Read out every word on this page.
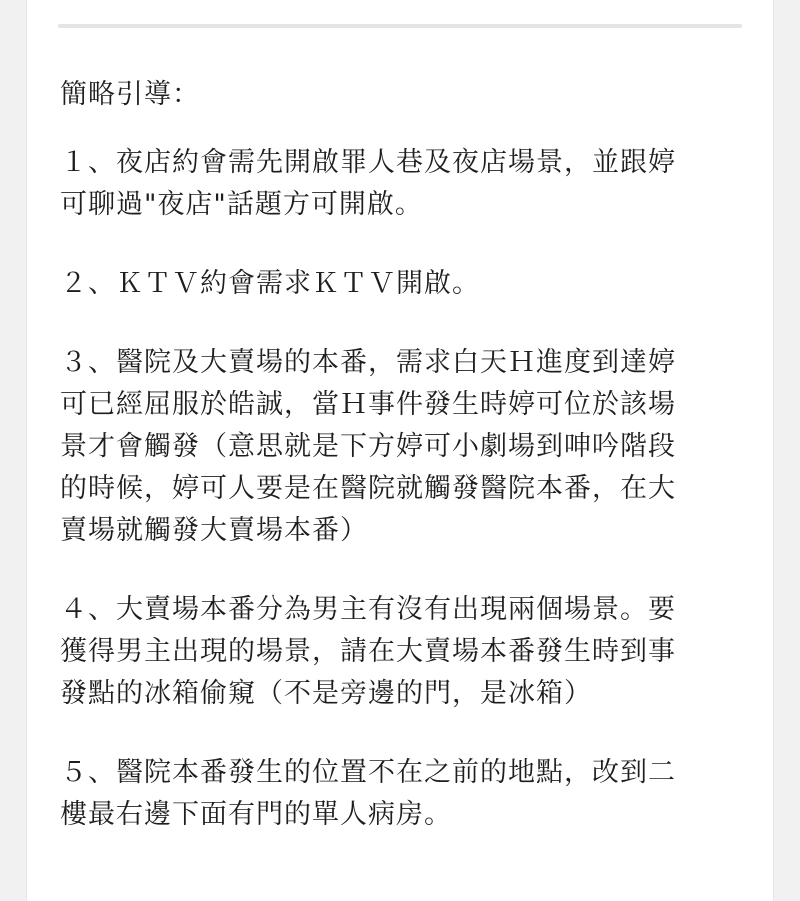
簡略引導：
１、夜店約會需先開啟罪人巷及夜店場景，並跟婷
可聊過"夜店"話題方可開啟。
２、ＫＴＶ約會需求ＫＴＶ開啟。
３、醫院及大賣場的本番，需求白天Ｈ進度到達婷
可已經屈服於皓誠，當Ｈ事件發生時婷可位於該場
景才會觸發（意思就是下方婷可小劇場到呻吟階段
的時候，婷可人要是在醫院就觸發醫院本番，在大
賣場就觸發大賣場本番）
４、大賣場本番分為男主有沒有出現兩個場景。要
獲得男主出現的場景，請在大賣場本番發生時到事
發點的冰箱偷窺（不是旁邊的門，是冰箱）
５、醫院本番發生的位置不在之前的地點，改到二
樓最右邊下面有門的單人病房。
